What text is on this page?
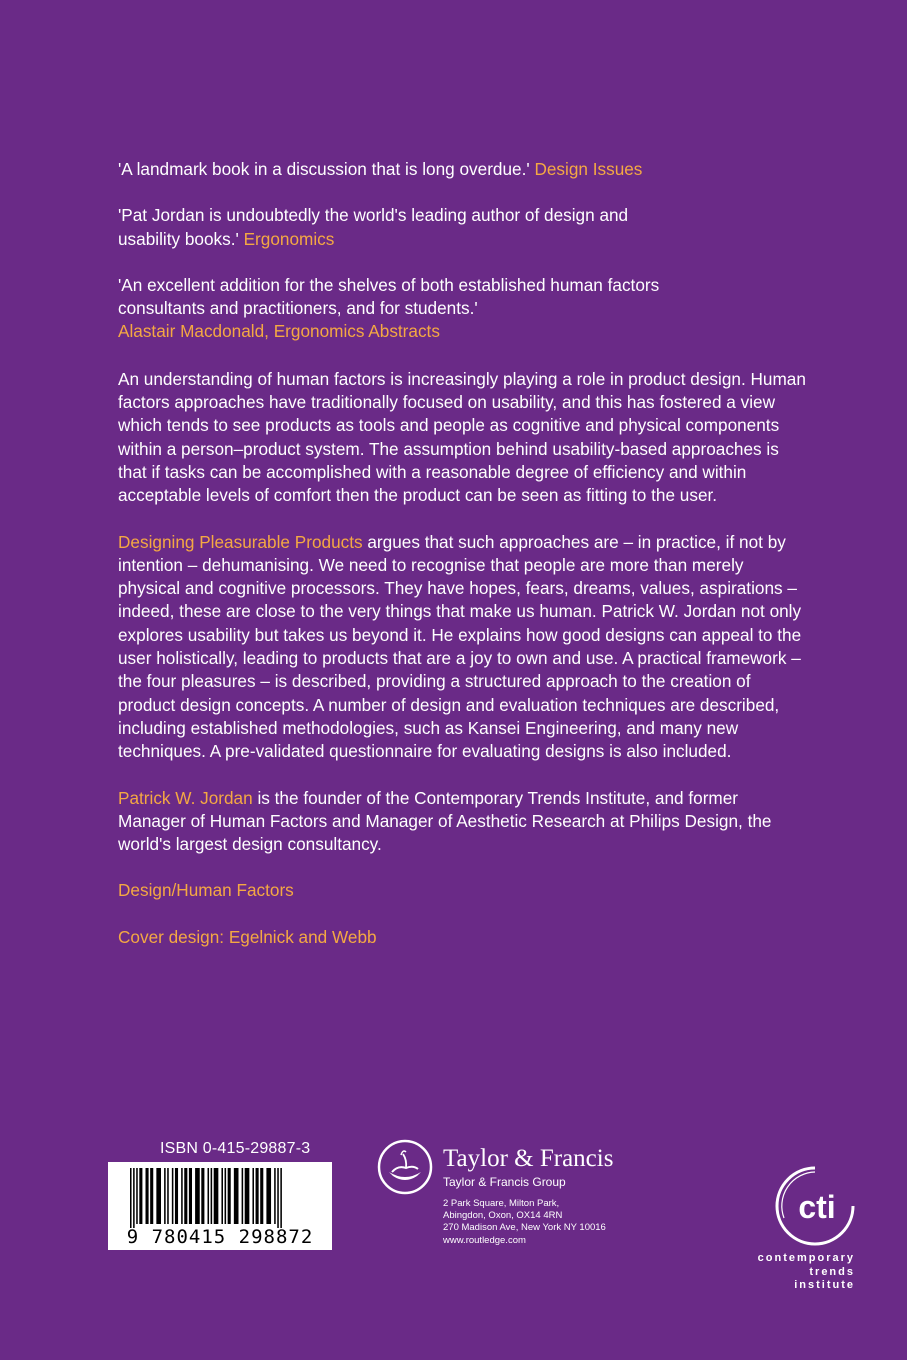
'A landmark book in a discussion that is long overdue.' Design Issues

'Pat Jordan is undoubtedly the world's leading author of design and usability books.' Ergonomics

'An excellent addition for the shelves of both established human factors consultants and practitioners, and for students.'
Alastair Macdonald, Ergonomics Abstracts

An understanding of human factors is increasingly playing a role in product design. Human factors approaches have traditionally focused on usability, and this has fostered a view which tends to see products as tools and people as cognitive and physical components within a person–product system. The assumption behind usability-based approaches is that if tasks can be accomplished with a reasonable degree of efficiency and within acceptable levels of comfort then the product can be seen as fitting to the user.

Designing Pleasurable Products argues that such approaches are – in practice, if not by intention – dehumanising. We need to recognise that people are more than merely physical and cognitive processors. They have hopes, fears, dreams, values, aspirations – indeed, these are close to the very things that make us human. Patrick W. Jordan not only explores usability but takes us beyond it. He explains how good designs can appeal to the user holistically, leading to products that are a joy to own and use. A practical framework – the four pleasures – is described, providing a structured approach to the creation of product design concepts. A number of design and evaluation techniques are described, including established methodologies, such as Kansei Engineering, and many new techniques. A pre-validated questionnaire for evaluating designs is also included.

Patrick W. Jordan is the founder of the Contemporary Trends Institute, and former Manager of Human Factors and Manager of Aesthetic Research at Philips Design, the world's largest design consultancy.

Design/Human Factors

Cover design: Egelnick and Webb

ISBN 0-415-29887-3
9 780415 298872
Taylor & Francis
Taylor & Francis Group
2 Park Square, Milton Park,
Abingdon, Oxon, OX14 4RN
270 Madison Ave, New York NY 10016
www.routledge.com
cti
contemporary
trends
institute
